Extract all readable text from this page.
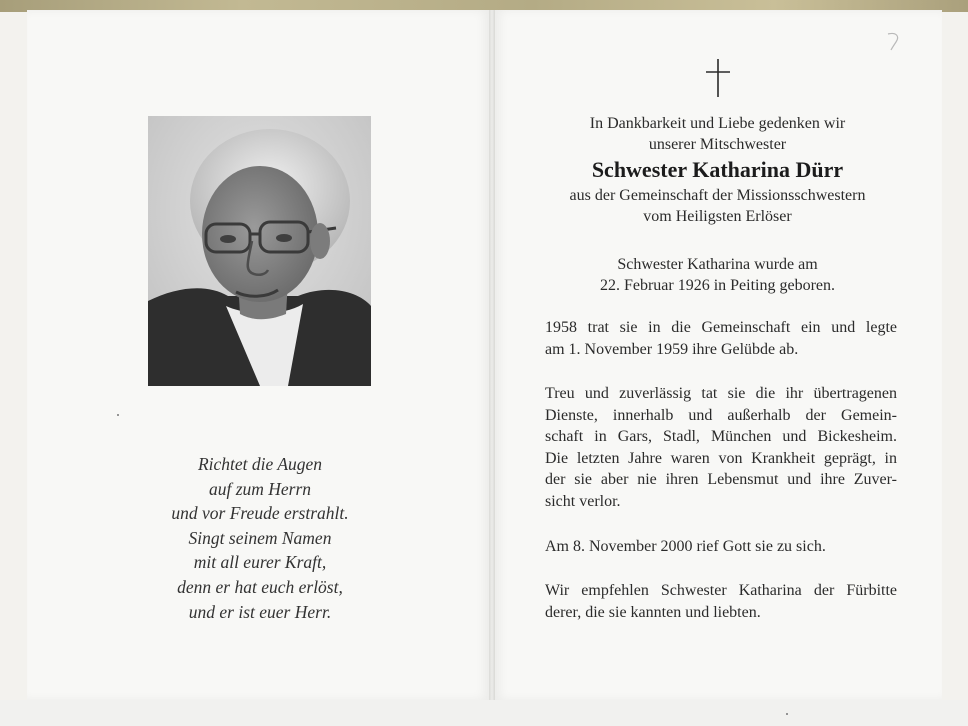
Richtet die Augen
auf zum Herrn
und vor Freude erstrahlt.
Singt seinem Namen
mit all eurer Kraft,
denn er hat euch erlöst,
und er ist euer Herr.
In Dankbarkeit und Liebe gedenken wir
unserer Mitschwester
Schwester Katharina Dürr
aus der Gemeinschaft der Missionsschwestern
vom Heiligsten Erlöser
Schwester Katharina wurde am
22. Februar 1926 in Peiting geboren.
1958 trat sie in die Gemeinschaft ein und legte
am 1. November 1959 ihre Gelübde ab.
Treu und zuverlässig tat sie die ihr übertragenen
Dienste, innerhalb und außerhalb der Gemein-
schaft in Gars, Stadl, München und Bickesheim.
Die letzten Jahre waren von Krankheit geprägt, in
der sie aber nie ihren Lebensmut und ihre Zuver-
sicht verlor.
Am 8. November 2000 rief Gott sie zu sich.
Wir empfehlen Schwester Katharina der Fürbitte
derer, die sie kannten und liebten.
